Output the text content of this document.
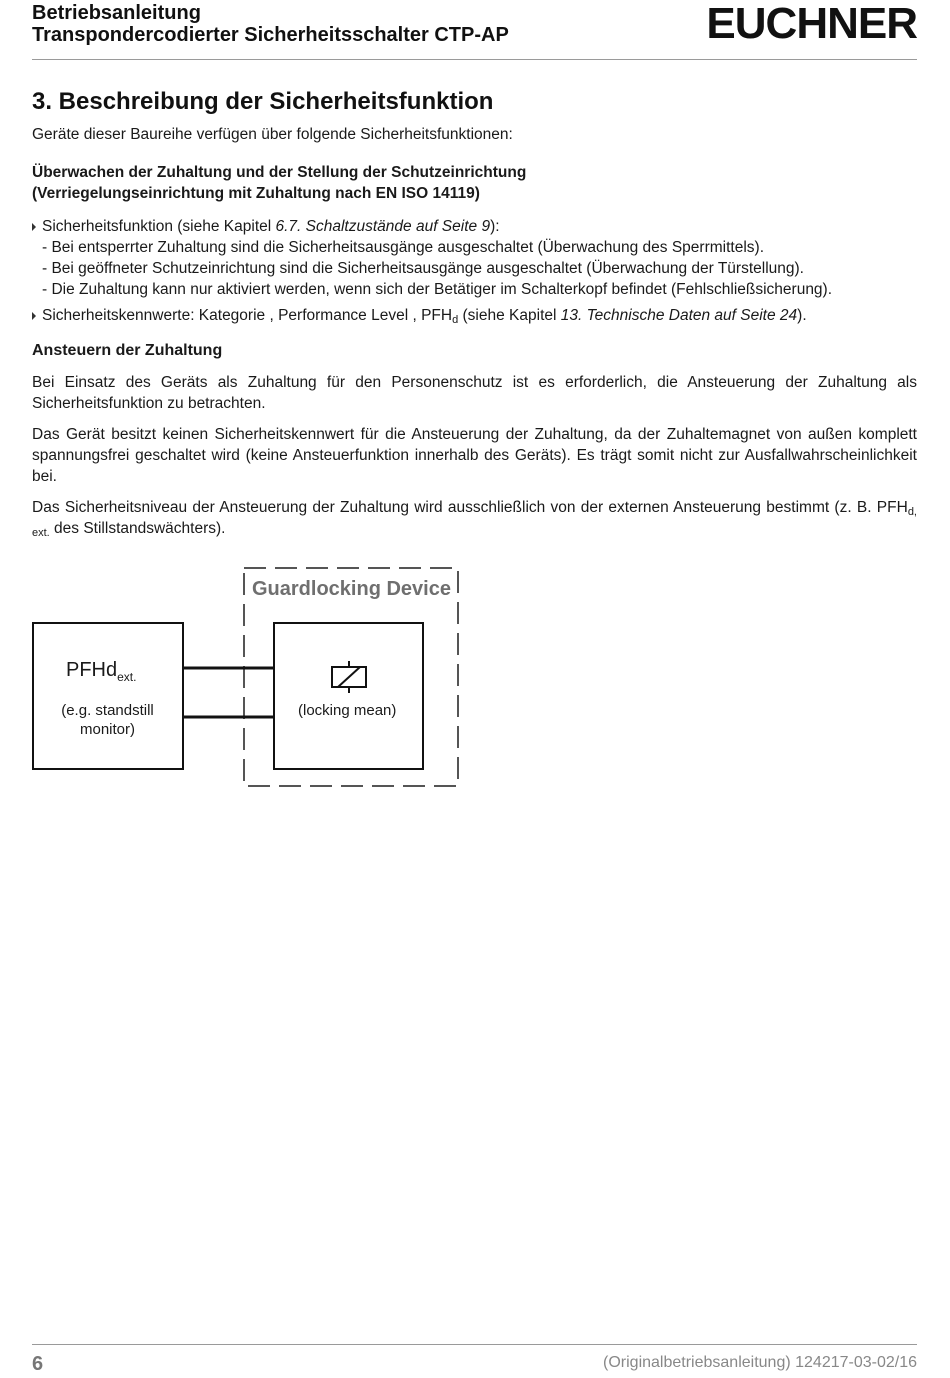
Betriebsanleitung
Transpondercodierter Sicherheitsschalter CTP-AP	EUCHNER
3. Beschreibung der Sicherheitsfunktion

Geräte dieser Baureihe verfügen über folgende Sicherheitsfunktionen:

Überwachen der Zuhaltung und der Stellung der Schutzeinrichtung
(Verriegelungseinrichtung mit Zuhaltung nach EN ISO 14119)
Sicherheitsfunktion (siehe Kapitel 6.7. Schaltzustände auf Seite 9):
- Bei entsperrter Zuhaltung sind die Sicherheitsausgänge ausgeschaltet (Überwachung des Sperrmittels).
- Bei geöffneter Schutzeinrichtung sind die Sicherheitsausgänge ausgeschaltet (Überwachung der Türstellung).
- Die Zuhaltung kann nur aktiviert werden, wenn sich der Betätiger im Schalterkopf befindet (Fehlschließsicherung).
Sicherheitskennwerte: Kategorie , Performance Level , $PFH_d$ (siehe Kapitel 13. Technische Daten auf Seite 24).
Ansteuern der Zuhaltung

Bei Einsatz des Geräts als Zuhaltung für den Personenschutz ist es erforderlich, die Ansteuerung der Zuhaltung als Sicherheitsfunktion zu betrachten.

Das Gerät besitzt keinen Sicherheitskennwert für die Ansteuerung der Zuhaltung, da der Zuhaltemagnet von außen komplett spannungsfrei geschaltet wird (keine Ansteuerfunktion innerhalb des Geräts). Es trägt somit nicht zur Ausfallwahrscheinlichkeit bei.

Das Sicherheitsniveau der Ansteuerung der Zuhaltung wird ausschließlich von der externen Ansteuerung bestimmt (z. B. $PFH_{d, ext.}$ des Stillstandswächters).

Guardlocking Device
PFHd$_{ext.}$
(e.g. standstill monitor)
(locking mean)
6	(Originalbetriebsanleitung) 124217-03-02/16
